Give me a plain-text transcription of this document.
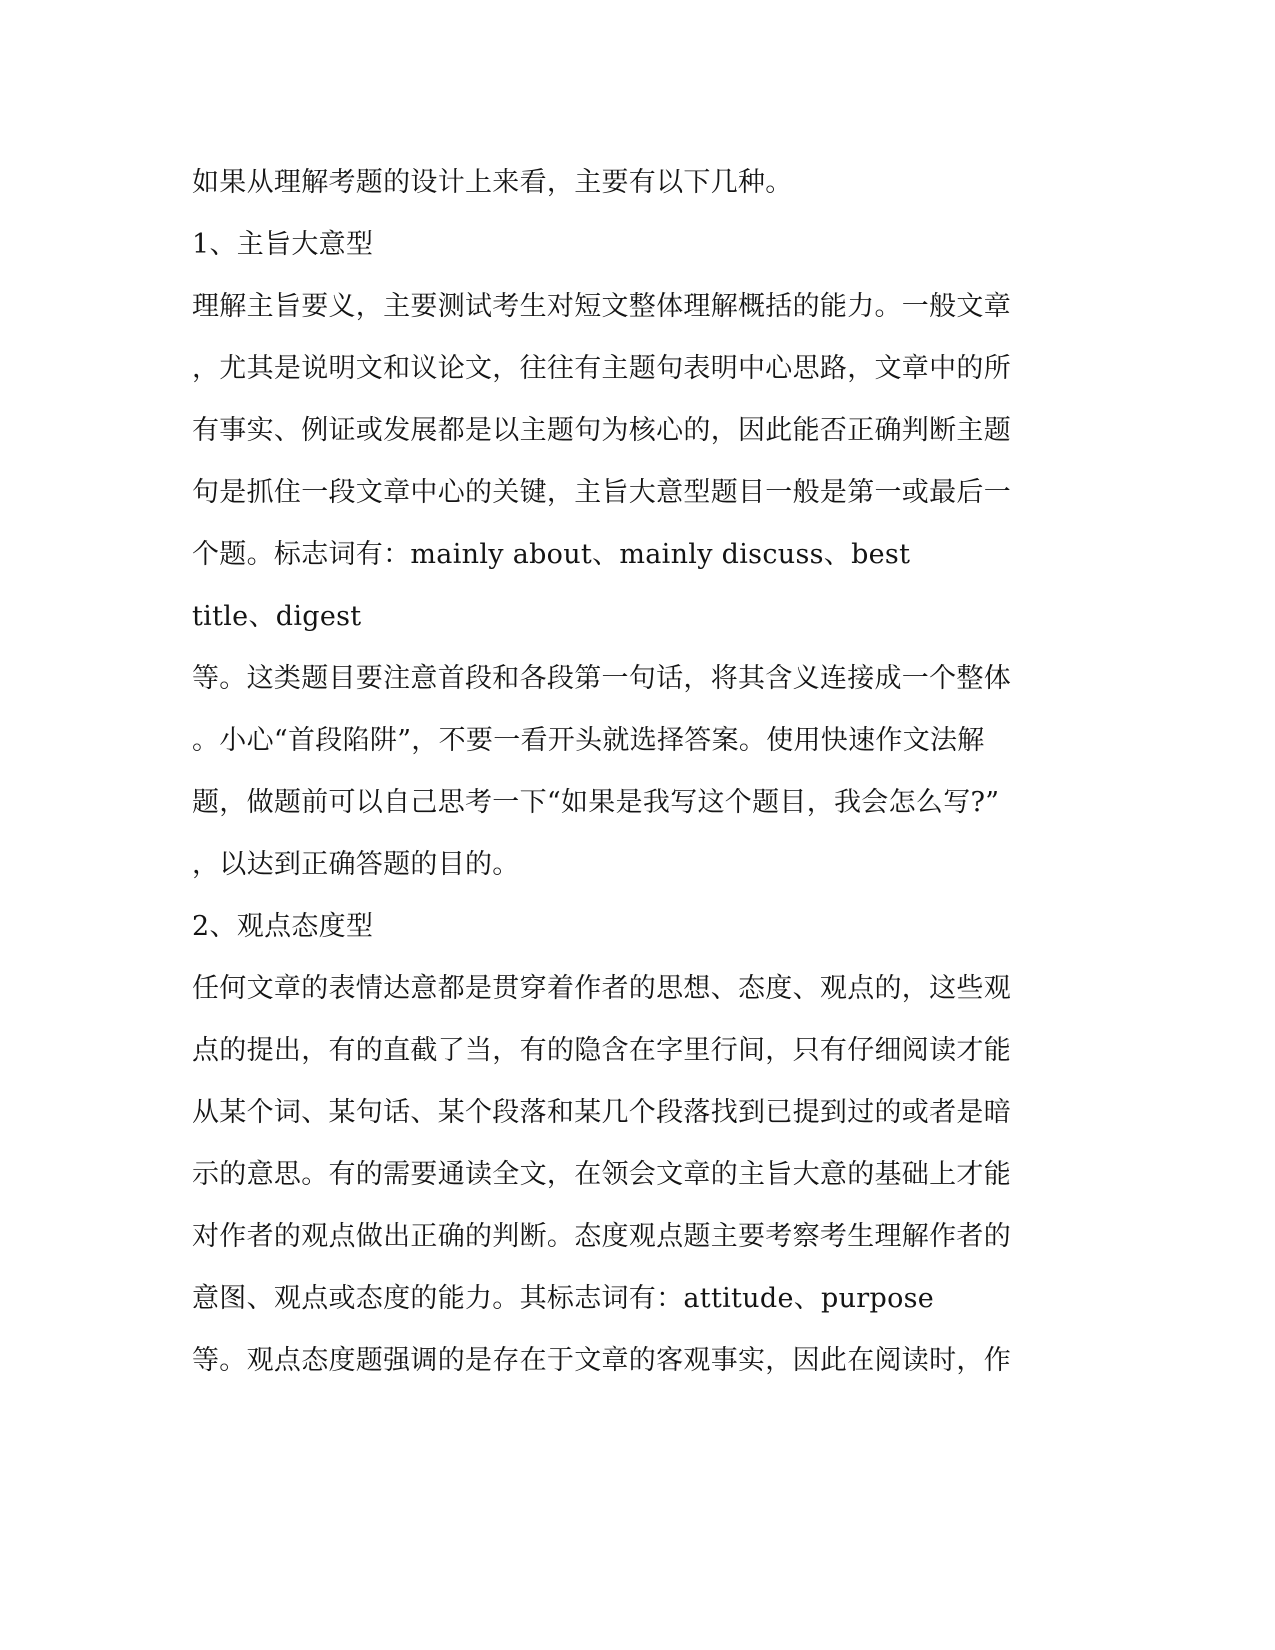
如果从理解考题的设计上来看，主要有以下几种。
1、主旨大意型
理解主旨要义，主要测试考生对短文整体理解概括的能力。一般文章
，尤其是说明文和议论文，往往有主题句表明中心思路，文章中的所
有事实、例证或发展都是以主题句为核心的，因此能否正确判断主题
句是抓住一段文章中心的关键，主旨大意型题目一般是第一或最后一
个题。标志词有：mainly about、mainly discuss、best
title、digest
等。这类题目要注意首段和各段第一句话，将其含义连接成一个整体
。小心“首段陷阱”，不要一看开头就选择答案。使用快速作文法解
题，做题前可以自己思考一下“如果是我写这个题目，我会怎么写?”
，以达到正确答题的目的。
2、观点态度型
任何文章的表情达意都是贯穿着作者的思想、态度、观点的，这些观
点的提出，有的直截了当，有的隐含在字里行间，只有仔细阅读才能
从某个词、某句话、某个段落和某几个段落找到已提到过的或者是暗
示的意思。有的需要通读全文，在领会文章的主旨大意的基础上才能
对作者的观点做出正确的判断。态度观点题主要考察考生理解作者的
意图、观点或态度的能力。其标志词有：attitude、purpose
等。观点态度题强调的是存在于文章的客观事实，因此在阅读时，作
